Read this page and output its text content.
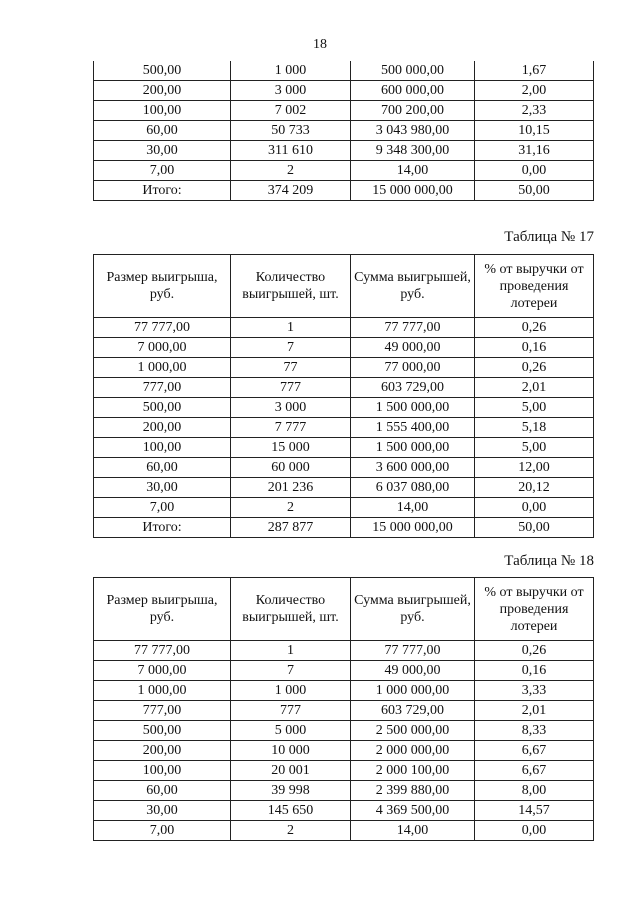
18
500,00	1 000	500 000,00	1,67
200,00	3 000	600 000,00	2,00
100,00	7 002	700 200,00	2,33
60,00	50 733	3 043 980,00	10,15
30,00	311 610	9 348 300,00	31,16
7,00	2	14,00	0,00
Итого:	374 209	15 000 000,00	50,00
Таблица № 17
Размер выигрыша, руб.	Количество выигрышей, шт.	Сумма выигрышей, руб.	% от выручки от проведения лотереи
77 777,00	1	77 777,00	0,26
7 000,00	7	49 000,00	0,16
1 000,00	77	77 000,00	0,26
777,00	777	603 729,00	2,01
500,00	3 000	1 500 000,00	5,00
200,00	7 777	1 555 400,00	5,18
100,00	15 000	1 500 000,00	5,00
60,00	60 000	3 600 000,00	12,00
30,00	201 236	6 037 080,00	20,12
7,00	2	14,00	0,00
Итого:	287 877	15 000 000,00	50,00
Таблица № 18
Размер выигрыша, руб.	Количество выигрышей, шт.	Сумма выигрышей, руб.	% от выручки от проведения лотереи
77 777,00	1	77 777,00	0,26
7 000,00	7	49 000,00	0,16
1 000,00	1 000	1 000 000,00	3,33
777,00	777	603 729,00	2,01
500,00	5 000	2 500 000,00	8,33
200,00	10 000	2 000 000,00	6,67
100,00	20 001	2 000 100,00	6,67
60,00	39 998	2 399 880,00	8,00
30,00	145 650	4 369 500,00	14,57
7,00	2	14,00	0,00
